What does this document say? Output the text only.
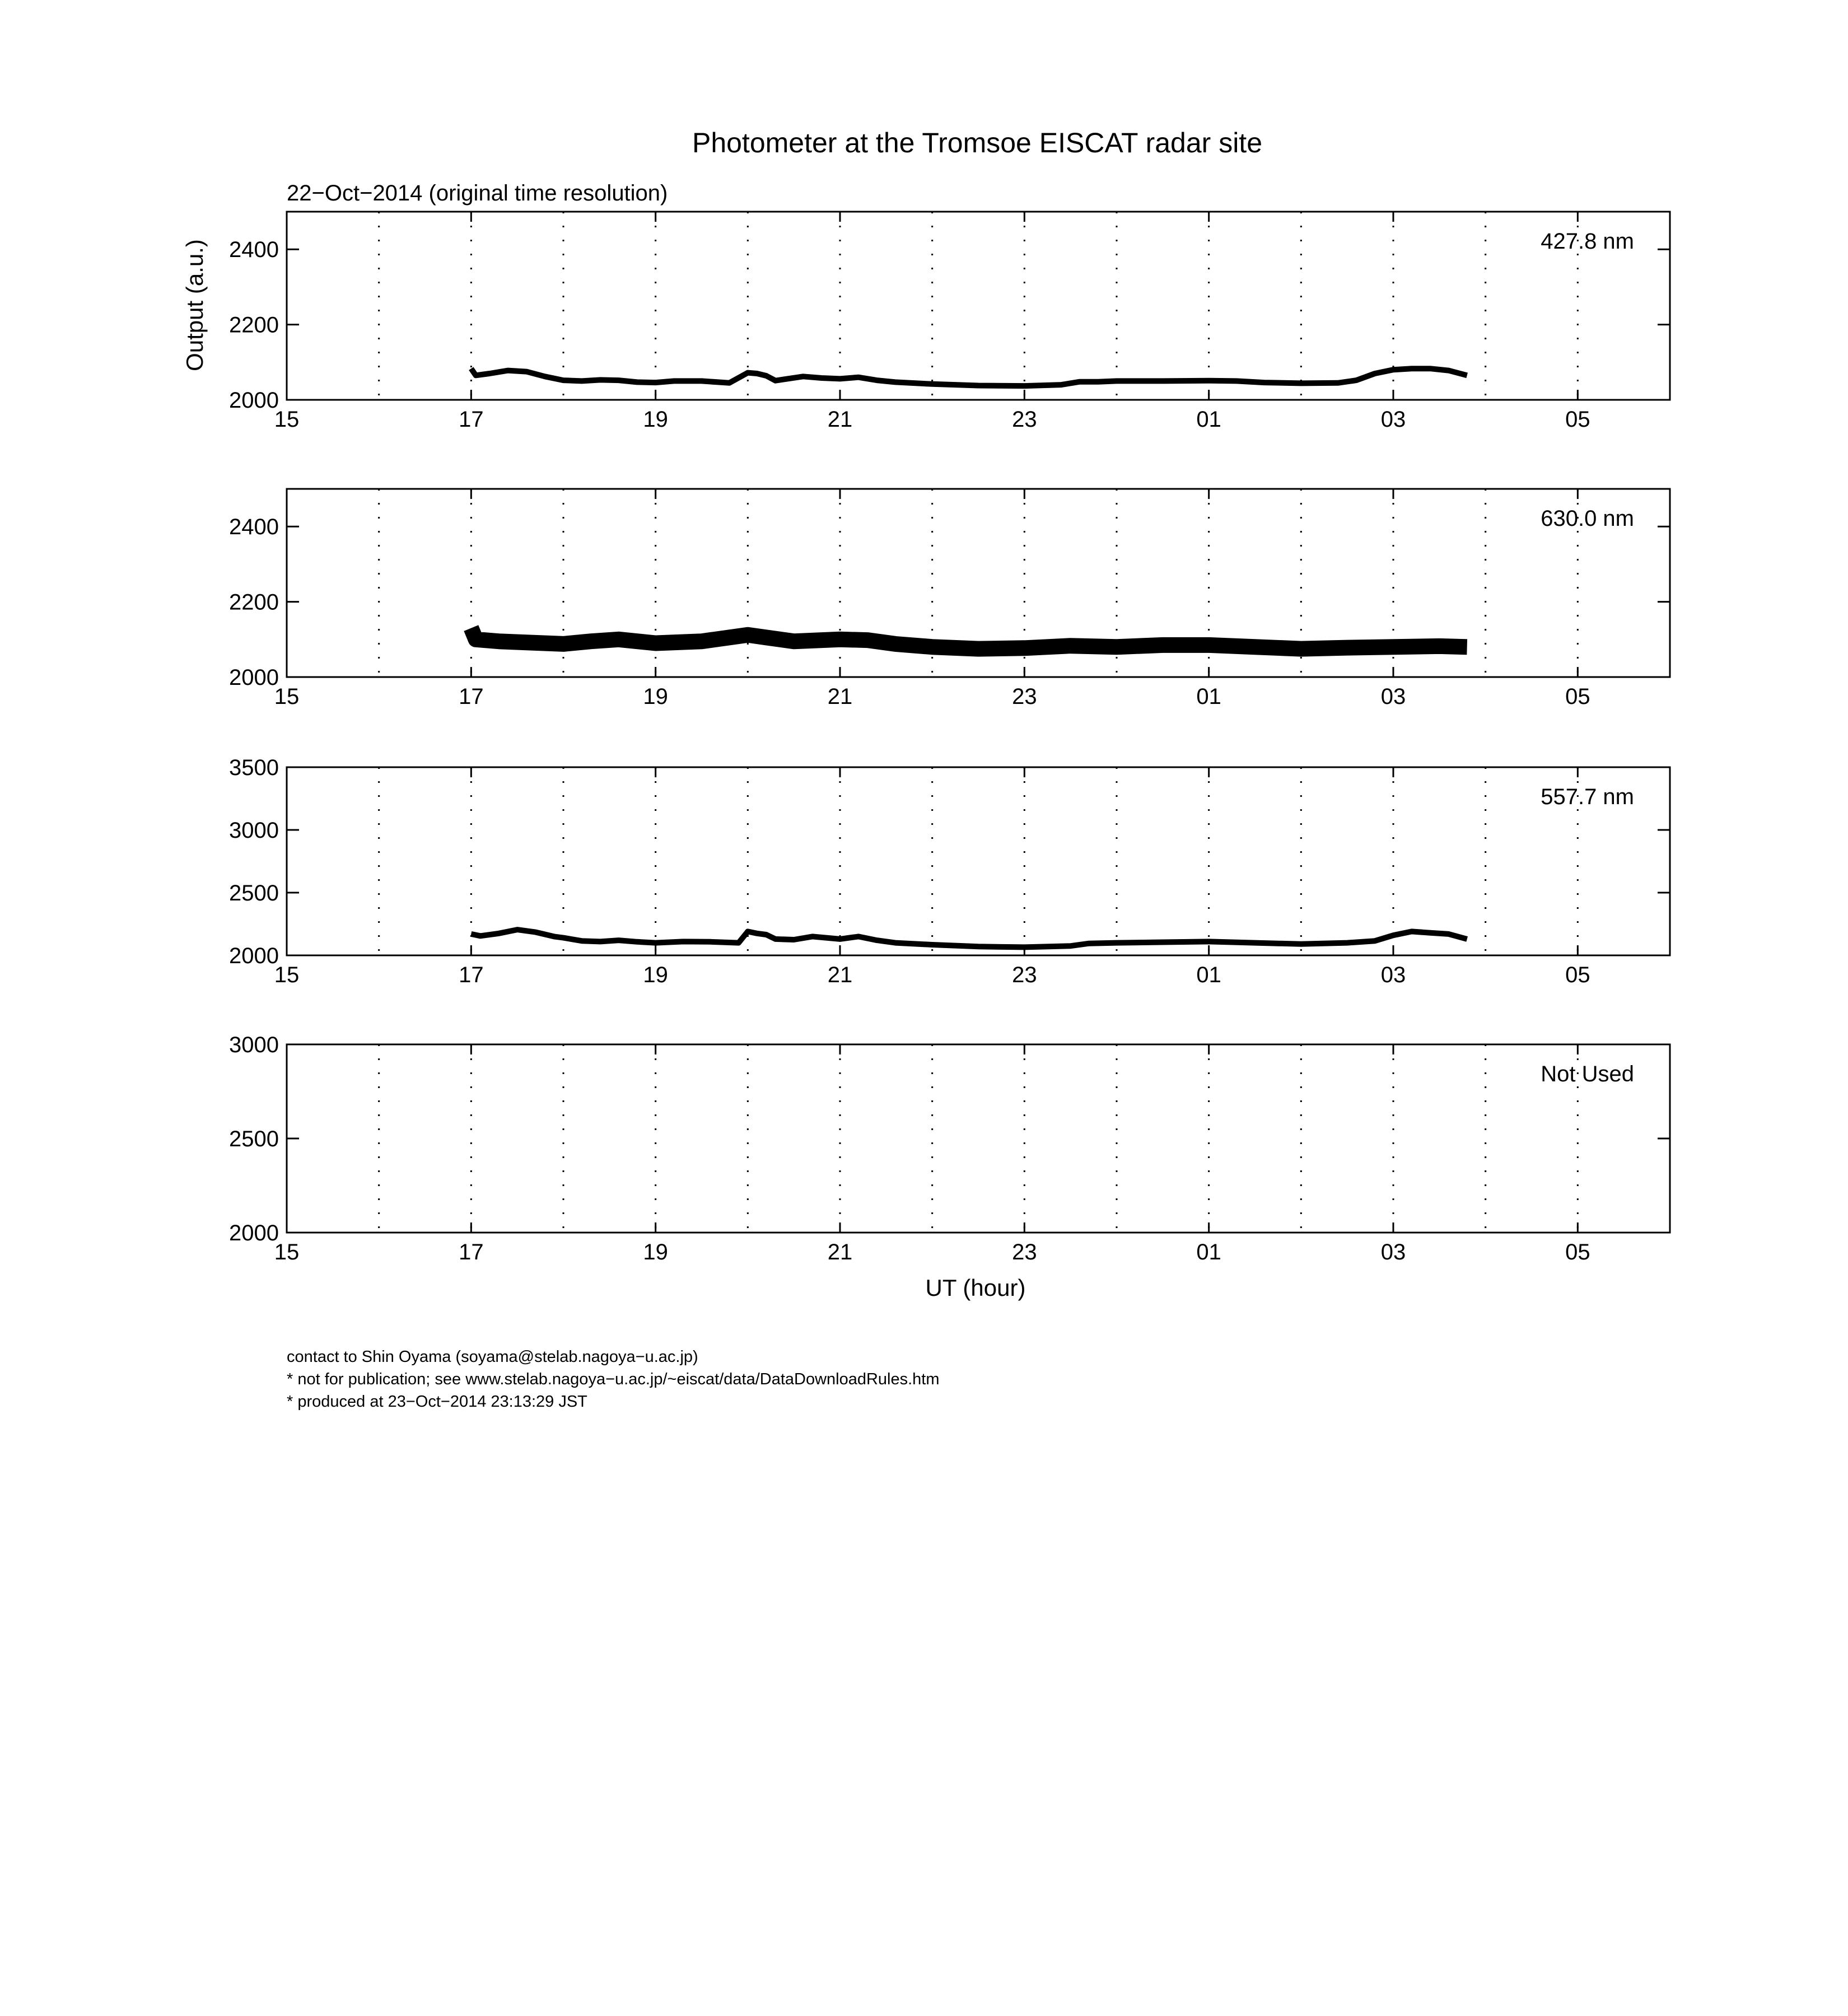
Photometer at the Tromsoe EISCAT radar site
22−Oct−2014 (original time resolution)
Output (a.u.)
UT (hour)
15	17	19	21	23	01	03	05
2000
2200
2400	427.8 nm
15	17	19	21	23	01	03	05
2000
2200
2400	630.0 nm
15	17	19	21	23	01	03	05
2000
2500
3000
3500
557.7 nm
15	17	19	21	23	01	03	05
2000
2500
3000
Not Used
contact to Shin Oyama (soyama@stelab.nagoya−u.ac.jp)
* not for publication; see www.stelab.nagoya−u.ac.jp/~eiscat/data/DataDownloadRules.htm
* produced at 23−Oct−2014 23:13:29 JST
